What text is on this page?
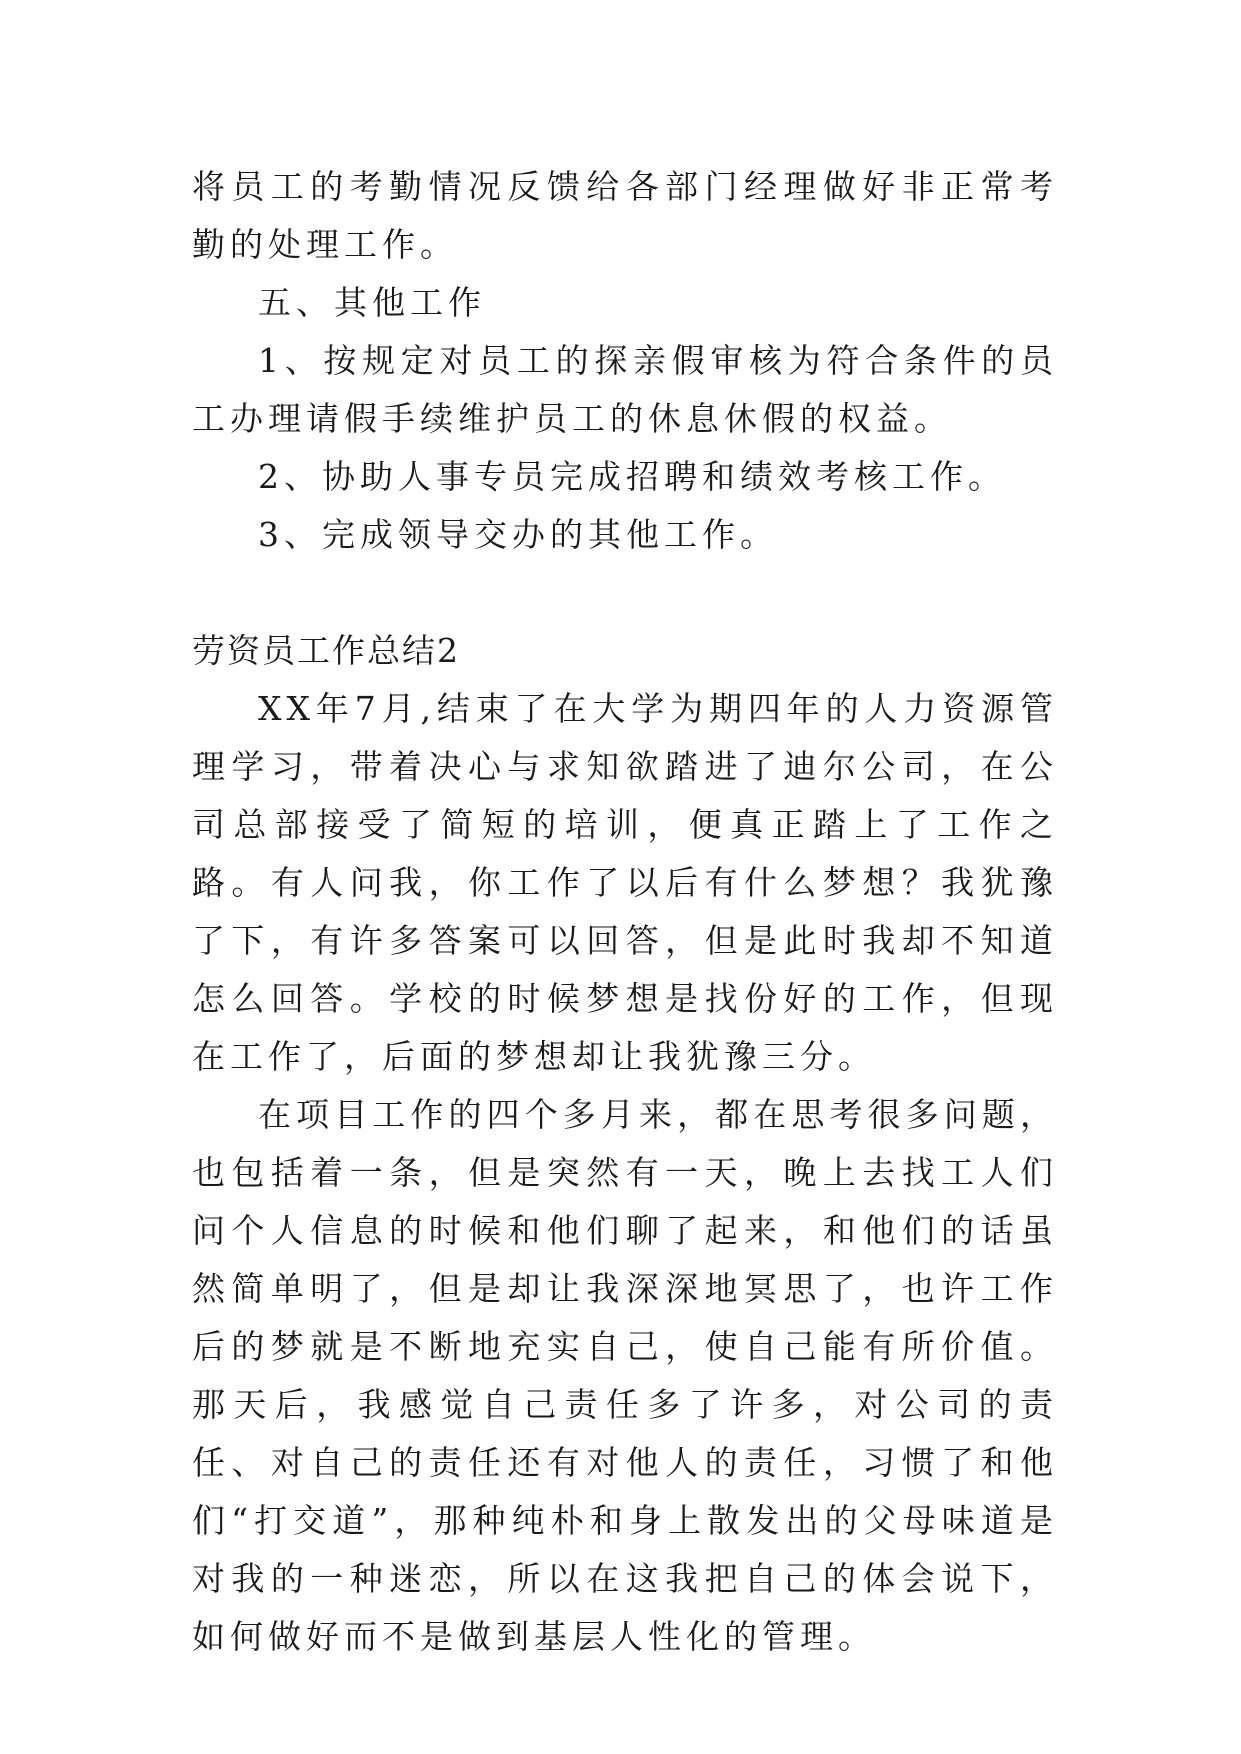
将员工的考勤情况反馈给各部门经理做好非正常考勤的处理工作。

五、其他工作

1、按规定对员工的探亲假审核为符合条件的员工办理请假手续维护员工的休息休假的权益。

2、协助人事专员完成招聘和绩效考核工作。

3、完成领导交办的其他工作。

劳资员工作总结2

XX年7月,结束了在大学为期四年的人力资源管理学习，带着决心与求知欲踏进了迪尔公司，在公司总部接受了简短的培训，便真正踏上了工作之路。有人问我，你工作了以后有什么梦想？我犹豫了下，有许多答案可以回答，但是此时我却不知道怎么回答。学校的时候梦想是找份好的工作，但现在工作了，后面的梦想却让我犹豫三分。

在项目工作的四个多月来，都在思考很多问题，也包括着一条，但是突然有一天，晚上去找工人们问个人信息的时候和他们聊了起来，和他们的话虽然简单明了，但是却让我深深地冥思了，也许工作后的梦就是不断地充实自己，使自己能有所价值。那天后，我感觉自己责任多了许多，对公司的责任、对自己的责任还有对他人的责任，习惯了和他们“打交道”，那种纯朴和身上散发出的父母味道是对我的一种迷恋，所以在这我把自己的体会说下，如何做好而不是做到基层人性化的管理。
